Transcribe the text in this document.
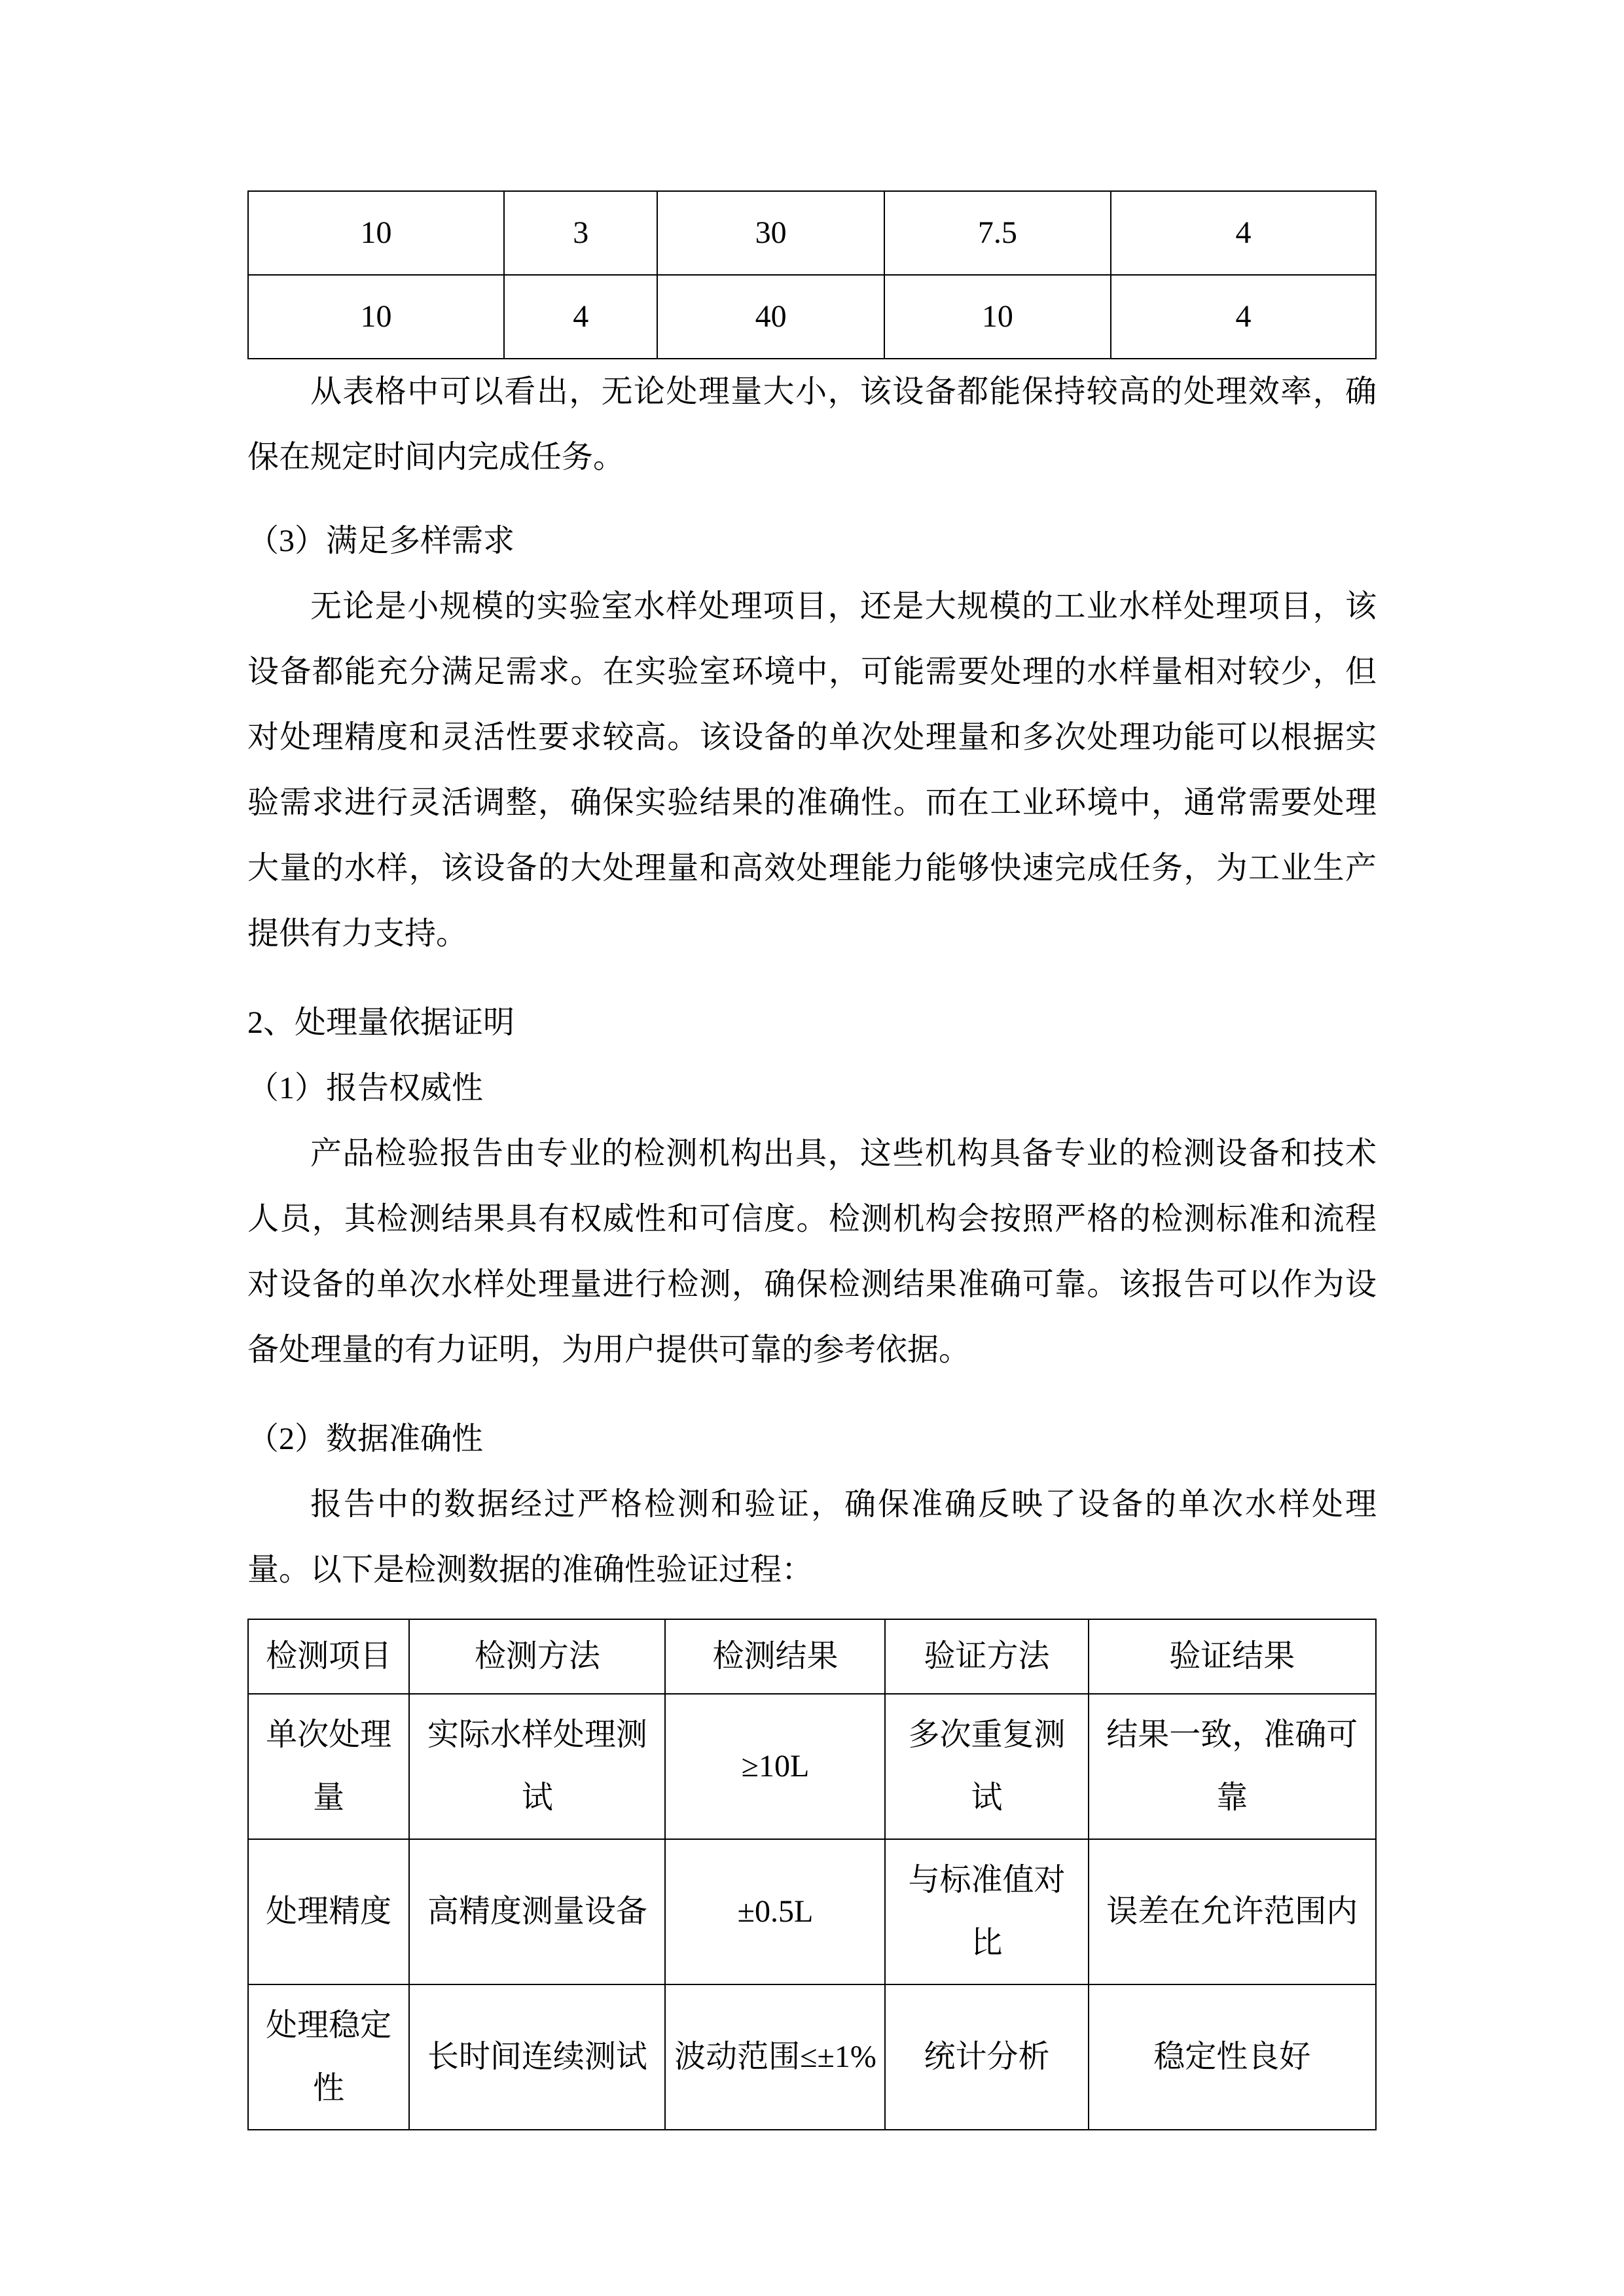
10	3	30	7.5	4
10	4	40	10	4

从表格中可以看出，无论处理量大小，该设备都能保持较高的处理效率，确保在规定时间内完成任务。

（3）满足多样需求

无论是小规模的实验室水样处理项目，还是大规模的工业水样处理项目，该设备都能充分满足需求。在实验室环境中，可能需要处理的水样量相对较少，但对处理精度和灵活性要求较高。该设备的单次处理量和多次处理功能可以根据实验需求进行灵活调整，确保实验结果的准确性。而在工业环境中，通常需要处理大量的水样，该设备的大处理量和高效处理能力能够快速完成任务，为工业生产提供有力支持。

2、处理量依据证明

（1）报告权威性

产品检验报告由专业的检测机构出具，这些机构具备专业的检测设备和技术人员，其检测结果具有权威性和可信度。检测机构会按照严格的检测标准和流程对设备的单次水样处理量进行检测，确保检测结果准确可靠。该报告可以作为设备处理量的有力证明，为用户提供可靠的参考依据。

（2）数据准确性

报告中的数据经过严格检测和验证，确保准确反映了设备的单次水样处理量。以下是检测数据的准确性验证过程：

检测项目	检测方法	检测结果	验证方法	验证结果
单次处理量	实际水样处理测试	≥10L	多次重复测试	结果一致，准确可靠
处理精度	高精度测量设备	±0.5L	与标准值对比	误差在允许范围内
处理稳定性	长时间连续测试	波动范围≤±1%	统计分析	稳定性良好
